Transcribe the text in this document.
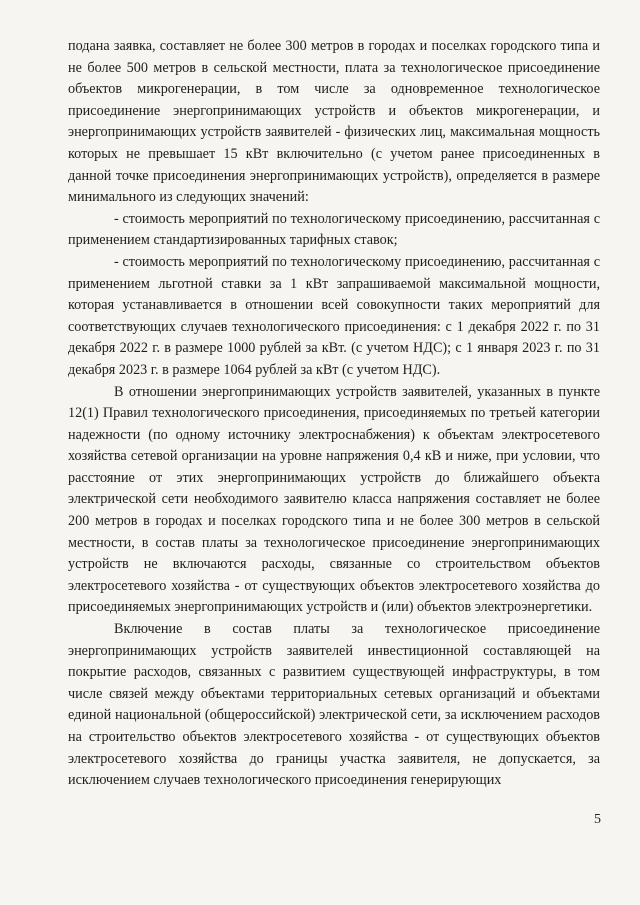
подана заявка, составляет не более 300 метров в городах и поселках городского типа и не более 500 метров в сельской местности, плата за технологическое присоединение объектов микрогенерации, в том числе за одновременное технологическое присоединение энергопринимающих устройств и объектов микрогенерации, и энергопринимающих устройств заявителей - физических лиц, максимальная мощность которых не превышает 15 кВт включительно (с учетом ранее присоединенных в данной точке присоединения энергопринимающих устройств), определяется в размере минимального из следующих значений:

- стоимость мероприятий по технологическому присоединению, рассчитанная с применением стандартизированных тарифных ставок;

- стоимость мероприятий по технологическому присоединению, рассчитанная с применением льготной ставки за 1 кВт запрашиваемой максимальной мощности, которая устанавливается в отношении всей совокупности таких мероприятий для соответствующих случаев технологического присоединения: с 1 декабря 2022 г. по 31 декабря 2022 г. в размере 1000 рублей за кВт. (с учетом НДС); с 1 января 2023 г. по 31 декабря 2023 г. в размере 1064 рублей за кВт (с учетом НДС).

В отношении энергопринимающих устройств заявителей, указанных в пункте 12(1) Правил технологического присоединения, присоединяемых по третьей категории надежности (по одному источнику электроснабжения) к объектам электросетевого хозяйства сетевой организации на уровне напряжения 0,4 кВ и ниже, при условии, что расстояние от этих энергопринимающих устройств до ближайшего объекта электрической сети необходимого заявителю класса напряжения составляет не более 200 метров в городах и поселках городского типа и не более 300 метров в сельской местности, в состав платы за технологическое присоединение энергопринимающих устройств не включаются расходы, связанные со строительством объектов электросетевого хозяйства - от существующих объектов электросетевого хозяйства до присоединяемых энергопринимающих устройств и (или) объектов электроэнергетики.

Включение в состав платы за технологическое присоединение энергопринимающих устройств заявителей инвестиционной составляющей на покрытие расходов, связанных с развитием существующей инфраструктуры, в том числе связей между объектами территориальных сетевых организаций и объектами единой национальной (общероссийской) электрической сети, за исключением расходов на строительство объектов электросетевого хозяйства - от существующих объектов электросетевого хозяйства до границы участка заявителя, не допускается, за исключением случаев технологического присоединения генерирующих

5
